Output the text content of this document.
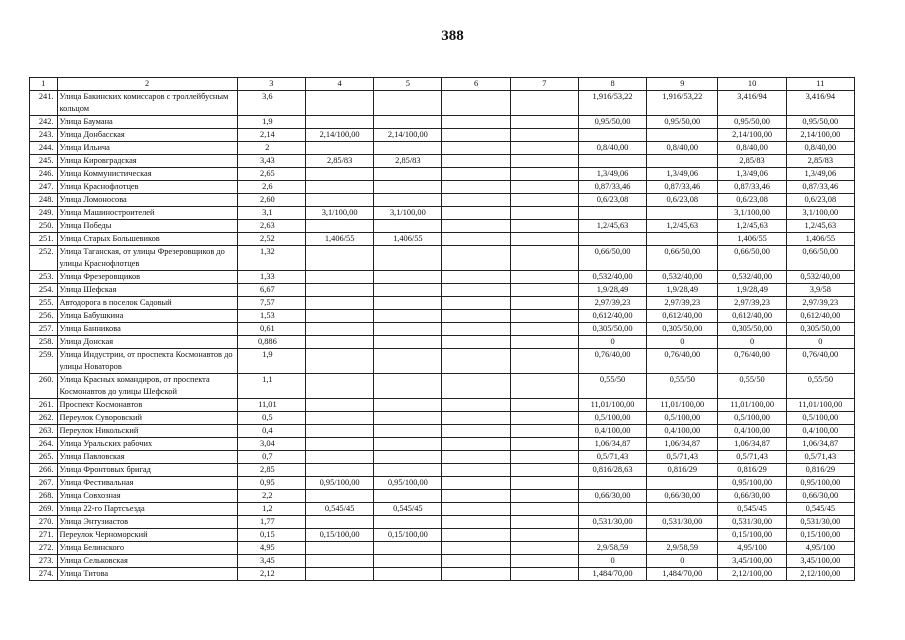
388
1	2	3	4	5	6	7	8	9	10	11
241.	Улица Бакинских комиссаров с троллейбусным кольцом	3,6					1,916/53,22	1,916/53,22	3,416/94	3,416/94
242.	Улица Баумана	1,9					0,95/50,00	0,95/50,00	0,95/50,00	0,95/50,00
243.	Улица Донбасская	2,14	2,14/100,00	2,14/100,00					2,14/100,00	2,14/100,00
244.	Улица Ильича	2					0,8/40,00	0,8/40,00	0,8/40,00	0,8/40,00
245.	Улица Кировградская	3,43	2,85/83	2,85/83					2,85/83	2,85/83
246.	Улица Коммунистическая	2,65					1,3/49,06	1,3/49,06	1,3/49,06	1,3/49,06
247.	Улица Краснофлотцев	2,6					0,87/33,46	0,87/33,46	0,87/33,46	0,87/33,46
248.	Улица Ломоносова	2,60					0,6/23,08	0,6/23,08	0,6/23,08	0,6/23,08
249.	Улица Машиностроителей	3,1	3,1/100,00	3,1/100,00					3,1/100,00	3,1/100,00
250.	Улица Победы	2,63					1,2/45,63	1,2/45,63	1,2/45,63	1,2/45,63
251.	Улица Старых Большевиков	2,52	1,406/55	1,406/55					1,406/55	1,406/55
252.	Улица Таганская, от улицы Фрезеровщиков до улицы Краснофлотцев	1,32					0,66/50,00	0,66/50,00	0,66/50,00	0,66/50,00
253.	Улица Фрезеровщиков	1,33					0,532/40,00	0,532/40,00	0,532/40,00	0,532/40,00
254.	Улица Шефская	6,67					1,9/28,49	1,9/28,49	1,9/28,49	3,9/58
255.	Автодорога в поселок Садовый	7,57					2,97/39,23	2,97/39,23	2,97/39,23	2,97/39,23
256.	Улица Бабушкина	1,53					0,612/40,00	0,612/40,00	0,612/40,00	0,612/40,00
257.	Улица Банникова	0,61					0,305/50,00	0,305/50,00	0,305/50,00	0,305/50,00
258.	Улица Донская	0,886					0	0	0	0
259.	Улица Индустрии, от проспекта Космонавтов до улицы Новаторов	1,9					0,76/40,00	0,76/40,00	0,76/40,00	0,76/40,00
260.	Улица Красных командиров, от проспекта Космонавтов до улицы Шефской	1,1					0,55/50	0,55/50	0,55/50	0,55/50
261.	Проспект Космонавтов	11,01					11,01/100,00	11,01/100,00	11,01/100,00	11,01/100,00
262.	Переулок Суворовский	0,5					0,5/100,00	0,5/100,00	0,5/100,00	0,5/100,00
263.	Переулок Никольский	0,4					0,4/100,00	0,4/100,00	0,4/100,00	0,4/100,00
264.	Улица Уральских рабочих	3,04					1,06/34,87	1,06/34,87	1,06/34,87	1,06/34,87
265.	Улица Павловская	0,7					0,5/71,43	0,5/71,43	0,5/71,43	0,5/71,43
266.	Улица Фронтовых бригад	2,85					0,816/28,63	0,816/29	0,816/29	0,816/29
267.	Улица Фестивальная	0,95	0,95/100,00	0,95/100,00					0,95/100,00	0,95/100,00
268.	Улица Совхозная	2,2					0,66/30,00	0,66/30,00	0,66/30,00	0,66/30,00
269.	Улица 22-го Партсъезда	1,2	0,545/45	0,545/45					0,545/45	0,545/45
270.	Улица Энтузиастов	1,77					0,531/30,00	0,531/30,00	0,531/30,00	0,531/30,00
271.	Переулок Черноморский	0,15	0,15/100,00	0,15/100,00					0,15/100,00	0,15/100,00
272.	Улица Белинского	4,95					2,9/58,59	2,9/58,59	4,95/100	4,95/100
273.	Улица Сельковская	3,45					0	0	3,45/100,00	3,45/100,00
274.	Улица Титова	2,12					1,484/70,00	1,484/70,00	2,12/100,00	2,12/100,00
